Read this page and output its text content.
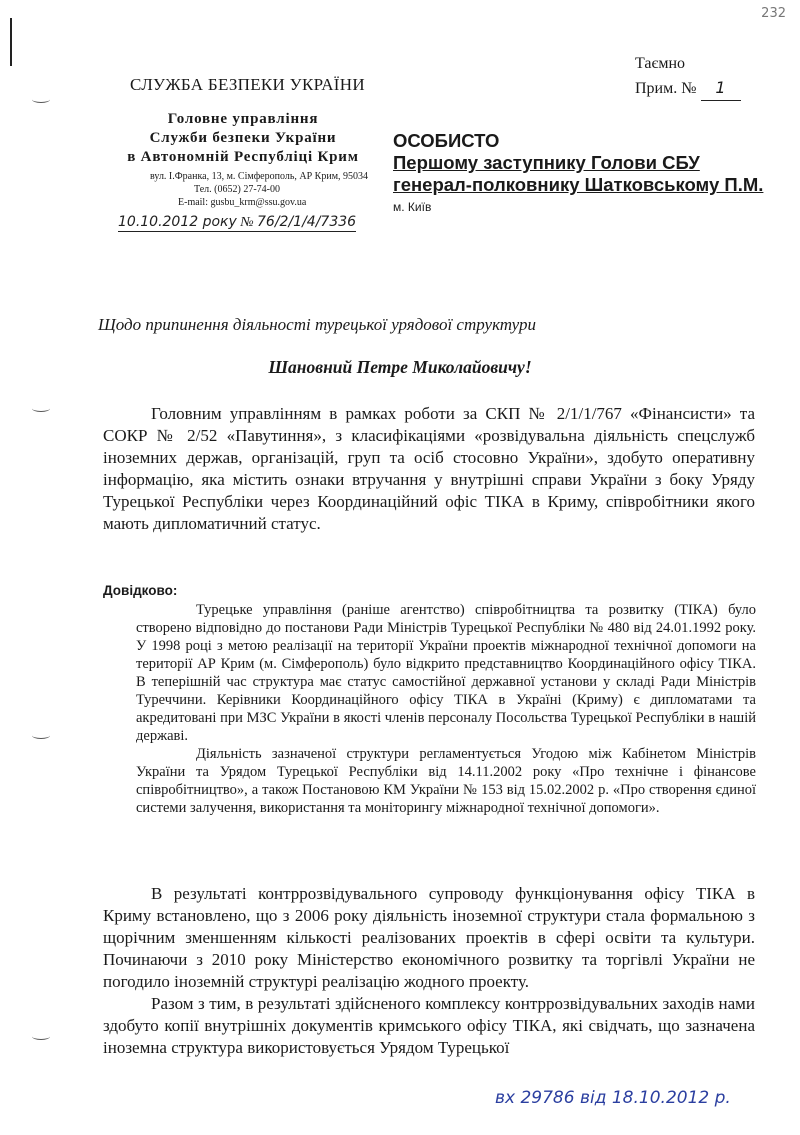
232
СЛУЖБА БЕЗПЕКИ УКРАЇНИ
Головне управління
Служби безпеки України
в Автономній Республіці Крим
вул. І.Франка, 13, м. Сімферополь, АР Крим, 95034
Тел. (0652) 27-74-00
E-mail: gusbu_krm@ssu.gov.ua
10.10.2012 року № 76/2/1/4/7336
Таємно
Прим. № 1
ОСОБИСТО
Першому заступнику Голови СБУ
генерал-полковнику Шатковському П.М.
м. Київ
Щодо припинення діяльності турецької урядової структури
Шановний Петре Миколайовичу!

Головним управлінням в рамках роботи за СКП № 2/1/1/767 «Фінансисти» та СОКР № 2/52 «Павутиння», з класифікаціями «розвідувальна діяльність спецслужб іноземних держав, організацій, груп та осіб стосовно України», здобуто оперативну інформацію, яка містить ознаки втручання у внутрішні справи України з боку Уряду Турецької Республіки через Координаційний офіс ТІКА в Криму, співробітники якого мають дипломатичний статус.

Довідково:

Турецьке управління (раніше агентство) співробітництва та розвитку (ТІКА) було створено відповідно до постанови Ради Міністрів Турецької Республіки № 480 від 24.01.1992 року. У 1998 році з метою реалізації на території України проектів міжнародної технічної допомоги на території АР Крим (м. Сімферополь) було відкрито представництво Координаційного офісу ТІКА. В теперішній час структура має статус самостійної державної установи у складі Ради Міністрів Туреччини. Керівники Координаційного офісу ТІКА в Україні (Криму) є дипломатами та акредитовані при МЗС України в якості членів персоналу Посольства Турецької Республіки в нашій державі.

Діяльність зазначеної структури регламентується Угодою між Кабінетом Міністрів України та Урядом Турецької Республіки від 14.11.2002 року «Про технічне і фінансове співробітництво», а також Постановою КМ України № 153 від 15.02.2002 р. «Про створення єдиної системи залучення, використання та моніторингу міжнародної технічної допомоги».

В результаті контррозвідувального супроводу функціонування офісу ТІКА в Криму встановлено, що з 2006 року діяльність іноземної структури стала формальною з щорічним зменшенням кількості реалізованих проектів в сфері освіти та культури. Починаючи з 2010 року Міністерство економічного розвитку та торгівлі України не погодило іноземній структурі реалізацію жодного проекту.

Разом з тим, в результаті здійсненого комплексу контррозвідувальних заходів нами здобуто копії внутрішніх документів кримського офісу ТІКА, які свідчать, що зазначена іноземна структура використовується Урядом Турецької

вх 29786 від 18.10.2012 р.
